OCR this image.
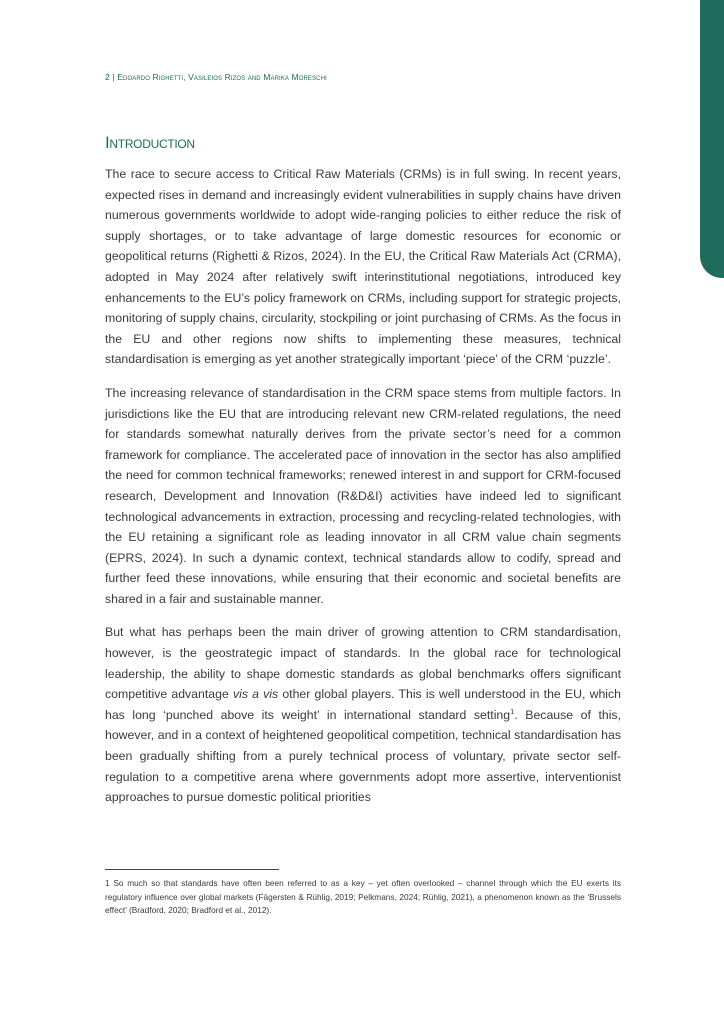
2 | Edoardo Righetti, Vasileios Rizos and Marika Moreschi
Introduction

The race to secure access to Critical Raw Materials (CRMs) is in full swing. In recent years, expected rises in demand and increasingly evident vulnerabilities in supply chains have driven numerous governments worldwide to adopt wide-ranging policies to either reduce the risk of supply shortages, or to take advantage of large domestic resources for economic or geopolitical returns (Righetti & Rizos, 2024). In the EU, the Critical Raw Materials Act (CRMA), adopted in May 2024 after relatively swift interinstitutional negotiations, introduced key enhancements to the EU’s policy framework on CRMs, including support for strategic projects, monitoring of supply chains, circularity, stockpiling or joint purchasing of CRMs. As the focus in the EU and other regions now shifts to implementing these measures, technical standardisation is emerging as yet another strategically important ‘piece’ of the CRM ‘puzzle’.

The increasing relevance of standardisation in the CRM space stems from multiple factors. In jurisdictions like the EU that are introducing relevant new CRM-related regulations, the need for standards somewhat naturally derives from the private sector’s need for a common framework for compliance. The accelerated pace of innovation in the sector has also amplified the need for common technical frameworks; renewed interest in and support for CRM-focused research, Development and Innovation (R&D&I) activities have indeed led to significant technological advancements in extraction, processing and recycling-related technologies, with the EU retaining a significant role as leading innovator in all CRM value chain segments (EPRS, 2024). In such a dynamic context, technical standards allow to codify, spread and further feed these innovations, while ensuring that their economic and societal benefits are shared in a fair and sustainable manner.

But what has perhaps been the main driver of growing attention to CRM standardisation, however, is the geostrategic impact of standards. In the global race for technological leadership, the ability to shape domestic standards as global benchmarks offers significant competitive advantage vis a vis other global players. This is well understood in the EU, which has long ‘punched above its weight’ in international standard setting$^1$. Because of this, however, and in a context of heightened geopolitical competition, technical standardisation has been gradually shifting from a purely technical process of voluntary, private sector self-regulation to a competitive arena where governments adopt more assertive, interventionist approaches to pursue domestic political priorities

1 So much so that standards have often been referred to as a key – yet often overlooked – channel through which the EU exerts its regulatory influence over global markets (Fägersten & Rühlig, 2019; Pelkmans, 2024; Rühlig, 2021), a phenomenon known as the ‘Brussels effect’ (Bradford, 2020; Bradford et al., 2012).
